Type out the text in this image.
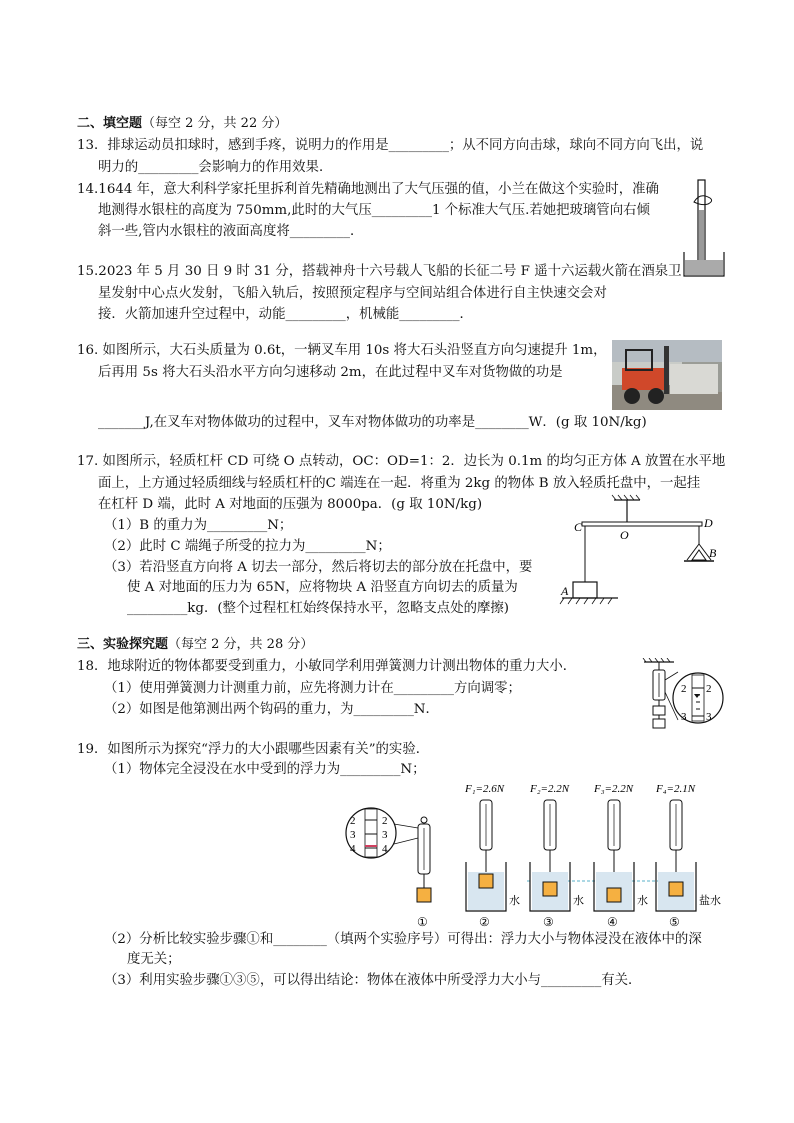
二、填空题（每空 2 分，共 22 分）
13．排球运动员扣球时，感到手疼，说明力的作用是_________；从不同方向击球，球向不同方向飞出，说
明力的_________会影响力的作用效果．
14.1644 年，意大利科学家托里拆利首先精确地测出了大气压强的值，小兰在做这个实验时，准确
地测得水银柱的高度为 750mm,此时的大气压_________1 个标准大气压.若她把玻璃管向右倾
斜一些,管内水银柱的液面高度将_________．
15.2023 年 5 月 30 日 9 时 31 分，搭载神舟十六号载人飞船的长征二号 F 遥十六运载火箭在酒泉卫
星发射中心点火发射，飞船入轨后，按照预定程序与空间站组合体进行自主快速交会对
接．火箭加速升空过程中，动能_________，机械能_________．
16. 如图所示，大石头质量为 0.6t，一辆叉车用 10s 将大石头沿竖直方向匀速提升 1m，
后再用 5s 将大石头沿水平方向匀速移动 2m，在此过程中叉车对货物做的功是
_______J,在叉车对物体做功的过程中，叉车对物体做功的功率是________W．(g 取 10N/kg)
17. 如图所示，轻质杠杆 CD 可绕 O 点转动，OC：OD=1：2．边长为 0.1m 的均匀正方体 A 放置在水平地
面上，上方通过轻质细线与轻质杠杆的C 端连在一起．将重为 2kg 的物体 B 放入轻质托盘中，一起挂
在杠杆 D 端，此时 A 对地面的压强为 8000pa．(g 取 10N/kg)
（1）B 的重力为_________N；
（2）此时 C 端绳子所受的拉力为_________N；
（3）若沿竖直方向将 A 切去一部分，然后将切去的部分放在托盘中，要
使 A 对地面的压力为 65N，应将物块 A 沿竖直方向切去的质量为
_________kg．(整个过程杠杠始终保持水平，忽略支点处的摩擦)
C
O
D
A
B
三、实验探究题（每空 2 分，共 28 分）
18．地球附近的物体都要受到重力，小敏同学利用弹簧测力计测出物体的重力大小．
（1）使用弹簧测力计测重力前，应先将测力计在_________方向调零；
（2）如图是他第测出两个钩码的重力，为_________N．
2 2
3 3
19．如图所示为探究“浮力的大小跟哪些因素有关”的实验．
（1）物体完全浸没在水中受到的浮力为_________N；
2
3
4
2
3
4
①
F₁=2.6N
水
②
F₂=2.2N
水
③
F₃=2.2N
水
④
F₄=2.1N
盐水
⑤
（2）分析比较实验步骤①和________（填两个实验序号）可得出：浮力大小与物体浸没在液体中的深
度无关；
（3）利用实验步骤①③⑤，可以得出结论：物体在液体中所受浮力大小与_________有关．
